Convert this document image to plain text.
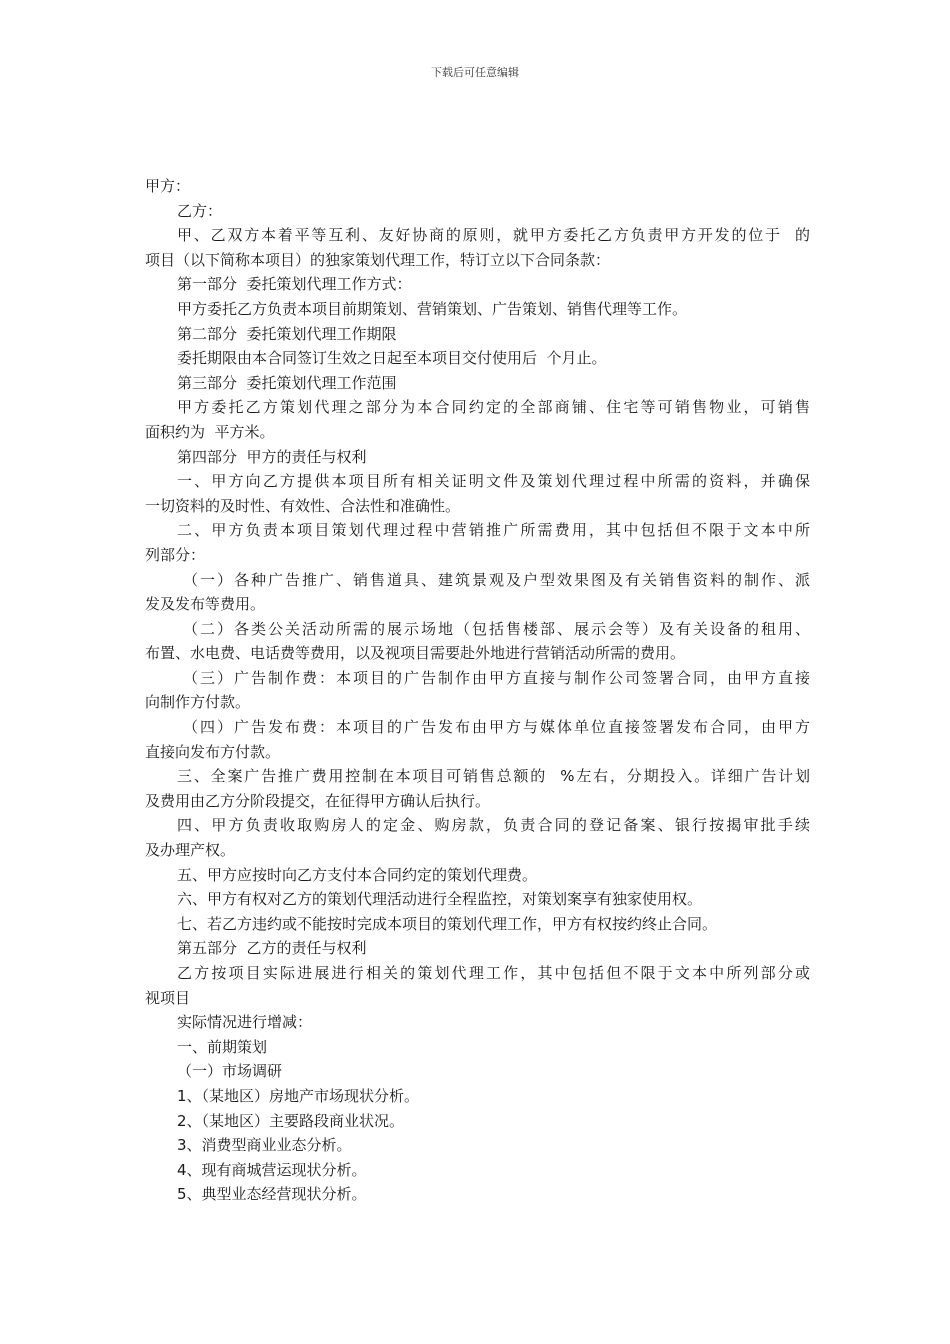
下载后可任意编辑
甲方：
乙方：
甲、乙双方本着平等互利、友好协商的原则，就甲方委托乙方负责甲方开发的位于  的
项目（以下简称本项目）的独家策划代理工作，特订立以下合同条款：
第一部分  委托策划代理工作方式：
甲方委托乙方负责本项目前期策划、营销策划、广告策划、销售代理等工作。
第二部分  委托策划代理工作期限
委托期限由本合同签订生效之日起至本项目交付使用后  个月止。
第三部分  委托策划代理工作范围
甲方委托乙方策划代理之部分为本合同约定的全部商铺、住宅等可销售物业，可销售
面积约为  平方米。
第四部分  甲方的责任与权利
一、甲方向乙方提供本项目所有相关证明文件及策划代理过程中所需的资料，并确保
一切资料的及时性、有效性、合法性和准确性。
二、甲方负责本项目策划代理过程中营销推广所需费用，其中包括但不限于文本中所
列部分：
（一）各种广告推广、销售道具、建筑景观及户型效果图及有关销售资料的制作、派
发及发布等费用。
（二）各类公关活动所需的展示场地（包括售楼部、展示会等）及有关设备的租用、
布置、水电费、电话费等费用，以及视项目需要赴外地进行营销活动所需的费用。
（三）广告制作费：本项目的广告制作由甲方直接与制作公司签署合同，由甲方直接
向制作方付款。
（四）广告发布费：本项目的广告发布由甲方与媒体单位直接签署发布合同，由甲方
直接向发布方付款。
三、全案广告推广费用控制在本项目可销售总额的  %左右，分期投入。详细广告计划
及费用由乙方分阶段提交，在征得甲方确认后执行。
四、甲方负责收取购房人的定金、购房款，负责合同的登记备案、银行按揭审批手续
及办理产权。
五、甲方应按时向乙方支付本合同约定的策划代理费。
六、甲方有权对乙方的策划代理活动进行全程监控，对策划案享有独家使用权。
七、若乙方违约或不能按时完成本项目的策划代理工作，甲方有权按约终止合同。
第五部分  乙方的责任与权利
乙方按项目实际进展进行相关的策划代理工作，其中包括但不限于文本中所列部分或
视项目
实际情况进行增减：
一、前期策划
（一）市场调研
1、（某地区）房地产市场现状分析。
2、（某地区）主要路段商业状况。
3、消费型商业业态分析。
4、现有商城营运现状分析。
5、典型业态经营现状分析。
